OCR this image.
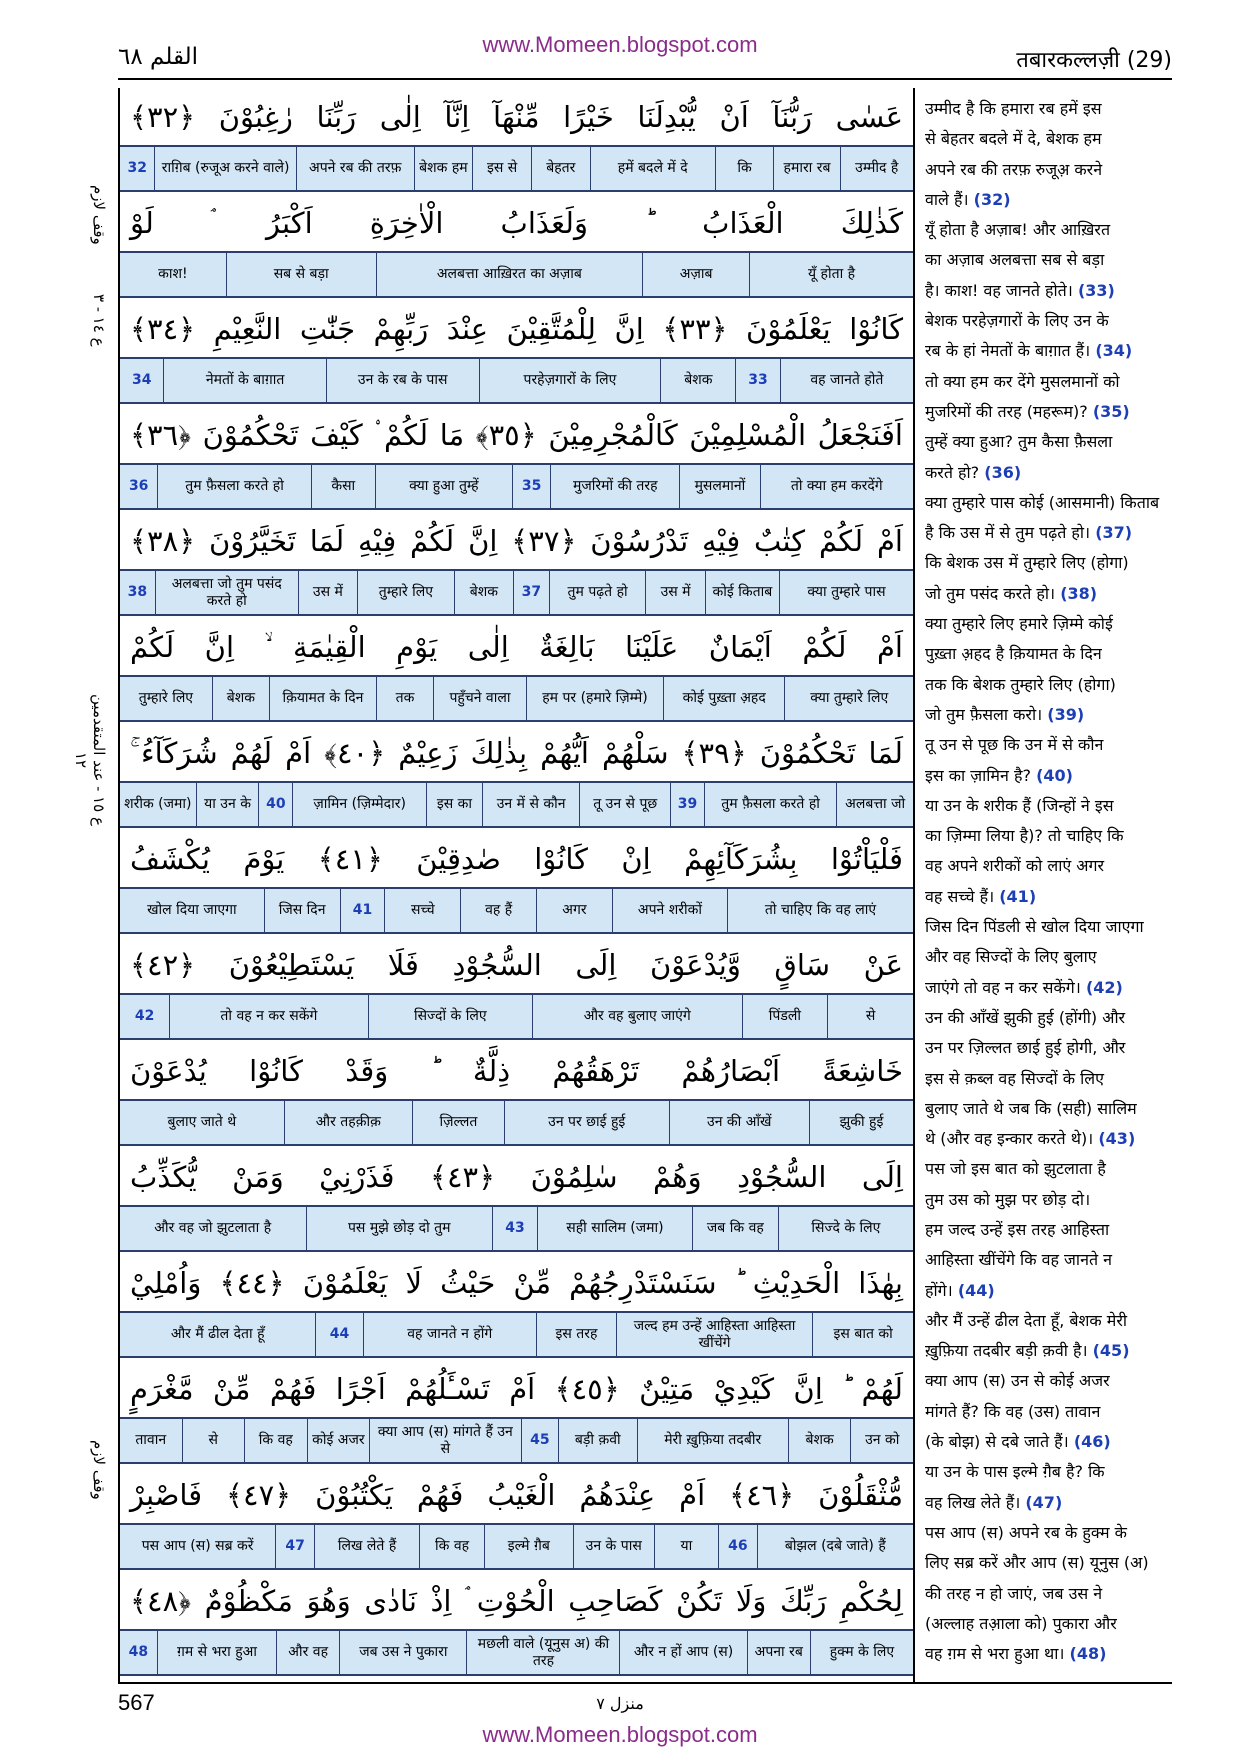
القلم ٦٨	www.Momeen.blogspot.com
तबारकल्लज़ी (29)
وقف لازم
ع ١٤ - ٣
ع ١٥ - عند المتقدمين ١٢
وقف لازم
عَسٰى رَبُّنَآ اَنْ يُّبْدِلَنَا خَيْرًا مِّنْهَآ اِنَّآ اِلٰى رَبِّنَا رٰغِبُوْنَ ﴿٣٢﴾
उम्मीद है
हमारा रब
कि
हमें बदले में दे
बेहतर
इस से
बेशक हम
अपने रब की तरफ़
राग़िब (रुजूअ करने वाले)
32
كَذٰلِكَ الْعَذَابُ ؕ وَلَعَذَابُ الْاٰخِرَةِ اَكْبَرُ ۘ لَوْ
यूँ होता है
अज़ाब
अलबत्ता आख़िरत का अज़ाब
सब से बड़ा
काश!
كَانُوْا يَعْلَمُوْنَ ﴿٣٣﴾ اِنَّ لِلْمُتَّقِيْنَ عِنْدَ رَبِّهِمْ جَنّٰتِ النَّعِيْمِ ﴿٣٤﴾
वह जानते होते
33
बेशक
परहेज़गारों के लिए
उन के रब के पास
नेमतों के बाग़ात
34
اَفَنَجْعَلُ الْمُسْلِمِيْنَ كَالْمُجْرِمِيْنَ ﴿٣٥﴾ مَا لَكُمْ ۟ كَيْفَ تَحْكُمُوْنَ ﴿٣٦﴾
तो क्या हम करदेंगे
मुसलमानों
मुजरिमों की तरह
35
क्या हुआ तुम्हें
कैसा
तुम फ़ैसला करते हो
36
اَمْ لَكُمْ كِتٰبٌ فِيْهِ تَدْرُسُوْنَ ﴿٣٧﴾ اِنَّ لَكُمْ فِيْهِ لَمَا تَخَيَّرُوْنَ ﴿٣٨﴾
क्या तुम्हारे पास
कोई किताब
उस में
तुम पढ़ते हो
37
बेशक
तुम्हारे लिए
उस में
अलबत्ता जो तुम पसंद करते हो
38
اَمْ لَكُمْ اَيْمَانٌ عَلَيْنَا بَالِغَةٌ اِلٰى يَوْمِ الْقِيٰمَةِ ۙ اِنَّ لَكُمْ
क्या तुम्हारे लिए
कोई पुख़्ता अ़हद
हम पर (हमारे ज़िम्मे)
पहुँचने वाला
तक
क़ियामत के दिन
बेशक
तुम्हारे लिए
لَمَا تَحْكُمُوْنَ ﴿٣٩﴾ سَلْهُمْ اَيُّهُمْ بِذٰلِكَ زَعِيْمٌ ﴿٤٠﴾ اَمْ لَهُمْ شُرَكَآءُ ۚ
अलबत्ता जो
तुम फ़ैसला करते हो
39
तू उन से पूछ
उन में से कौन
इस का
ज़ामिन (ज़िम्मेदार)
40
या उन के
शरीक (जमा)
فَلْيَاْتُوْا بِشُرَكَآئِهِمْ اِنْ كَانُوْا صٰدِقِيْنَ ﴿٤١﴾ يَوْمَ يُكْشَفُ
तो चाहिए कि वह लाएं
अपने शरीकों
अगर
वह हैं
सच्चे
41
जिस दिन
खोल दिया जाएगा
عَنْ سَاقٍ وَّيُدْعَوْنَ اِلَى السُّجُوْدِ فَلَا يَسْتَطِيْعُوْنَ ﴿٤٢﴾
से
पिंडली
और वह बुलाए जाएंगे
सिज्दों के लिए
तो वह न कर सकेंगे
42
خَاشِعَةً اَبْصَارُهُمْ تَرْهَقُهُمْ ذِلَّةٌ ؕ وَقَدْ كَانُوْا يُدْعَوْنَ
झुकी हुई
उन की आँखें
उन पर छाई हुई
ज़िल्लत
और तहक़ीक़
बुलाए जाते थे
اِلَى السُّجُوْدِ وَهُمْ سٰلِمُوْنَ ﴿٤٣﴾ فَذَرْنِيْ وَمَنْ يُّكَذِّبُ
सिज्दे के लिए
जब कि वह
सही सालिम (जमा)
43
पस मुझे छोड़ दो तुम
और वह जो झुटलाता है
بِهٰذَا الْحَدِيْثِ ؕ سَنَسْتَدْرِجُهُمْ مِّنْ حَيْثُ لَا يَعْلَمُوْنَ ﴿٤٤﴾ وَاُمْلِيْ
इस बात को
जल्द हम उन्हें आहिस्ता आहिस्ता खींचेंगे
इस तरह
वह जानते न होंगे
44
और मैं ढील देता हूँ
لَهُمْ ؕ اِنَّ كَيْدِيْ مَتِيْنٌ ﴿٤٥﴾ اَمْ تَسْـَٔلُهُمْ اَجْرًا فَهُمْ مِّنْ مَّغْرَمٍ
उन को
बेशक
मेरी ख़ुफ़िया तदबीर
बड़ी क़वी
45
क्या आप (स) मांगते हैं उन से
कोई अजर
कि वह
से
तावान
مُّثْقَلُوْنَ ﴿٤٦﴾ اَمْ عِنْدَهُمُ الْغَيْبُ فَهُمْ يَكْتُبُوْنَ ﴿٤٧﴾ فَاصْبِرْ
बोझल (दबे जाते) हैं
46
या
उन के पास
इल्मे ग़ैब
कि वह
लिख लेते हैं
47
पस आप (स) सब्र करें
لِحُكْمِ رَبِّكَ وَلَا تَكُنْ كَصَاحِبِ الْحُوْتِ ۘ اِذْ نَادٰى وَهُوَ مَكْظُوْمٌ ﴿٤٨﴾
हुक्म के लिए
अपना रब
और न हों आप (स)
मछली वाले (यूनुस अ) की तरह
जब उस ने पुकारा
और वह
ग़म से भरा हुआ
48
उम्मीद है कि हमारा रब हमें इस
से बेहतर बदले में दे, बेशक हम
अपने रब की तरफ़ रुजूअ़ करने
वाले हैं। (32)
यूँ होता है अज़ाब! और आख़िरत
का अज़ाब अलबत्ता सब से बड़ा
है। काश! वह जानते होते। (33)
बेशक परहेज़गारों के लिए उन के
रब के हां नेमतों के बाग़ात हैं। (34)
तो क्या हम कर देंगे मुसलमानों को
मुजरिमों की तरह (महरूम)? (35)
तुम्हें क्या हुआ? तुम कैसा फ़ैसला
करते हो? (36)
क्या तुम्हारे पास कोई (आसमानी) किताब
है कि उस में से तुम पढ़ते हो। (37)
कि बेशक उस में तुम्हारे लिए (होगा)
जो तुम पसंद करते हो। (38)
क्या तुम्हारे लिए हमारे ज़िम्मे कोई
पुख़्ता अ़हद है क़ियामत के दिन
तक कि बेशक तुम्हारे लिए (होगा)
जो तुम फ़ैसला करो। (39)
तू उन से पूछ कि उन में से कौन
इस का ज़ामिन है? (40)
या उन के शरीक हैं (जिन्हों ने इस
का ज़िम्मा लिया है)? तो चाहिए कि
वह अपने शरीकों को लाएं अगर
वह सच्चे हैं। (41)
जिस दिन पिंडली से खोल दिया जाएगा
और वह सिज्दों के लिए बुलाए
जाएंगे तो वह न कर सकेंगे। (42)
उन की आँखें झुकी हुई (होंगी) और
उन पर ज़िल्लत छाई हुई होगी, और
इस से क़ब्ल वह सिज्दों के लिए
बुलाए जाते थे जब कि (सही) सालिम
थे (और वह इन्कार करते थे)। (43)
पस जो इस बात को झुटलाता है
तुम उस को मुझ पर छोड़ दो।
हम जल्द उन्हें इस तरह आहिस्ता
आहिस्ता खींचेंगे कि वह जानते न
होंगे। (44)
और मैं उन्हें ढील देता हूँ, बेशक मेरी
ख़ुफ़िया तदबीर बड़ी क़वी है। (45)
क्या आप (स) उन से कोई अजर
मांगते हैं? कि वह (उस) तावान
(के बोझ) से दबे जाते हैं। (46)
या उन के पास इल्मे ग़ैब है? कि
वह लिख लेते हैं। (47)
पस आप (स) अपने रब के हुक्म के
लिए सब्र करें और आप (स) यूनुस (अ)
की तरह न हो जाएं, जब उस ने
(अल्लाह तआ़ला को) पुकारा और
वह ग़म से भरा हुआ था। (48)
567	منزل ٧
www.Momeen.blogspot.com
